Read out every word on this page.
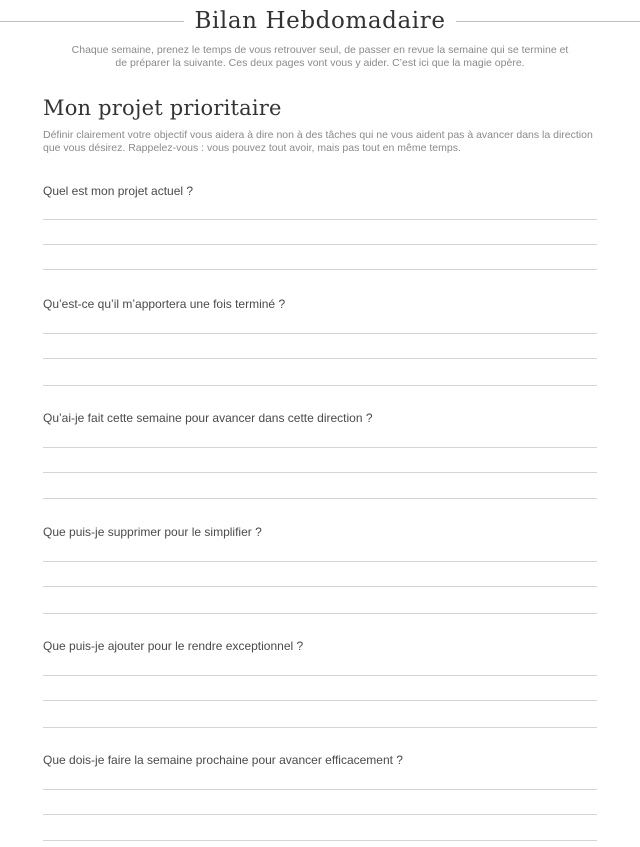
Bilan Hebdomadaire

Chaque semaine, prenez le temps de vous retrouver seul, de passer en revue la semaine qui se termine et
de préparer la suivante. Ces deux pages vont vous y aider. C’est ici que la magie opère.

Mon projet prioritaire

Définir clairement votre objectif vous aidera à dire non à des tâches qui ne vous aident pas à avancer dans la direction
que vous désirez. Rappelez-vous : vous pouvez tout avoir, mais pas tout en même temps.

Quel est mon projet actuel ?

Qu’est-ce qu’il m’apportera une fois terminé ?

Qu’ai-je fait cette semaine pour avancer dans cette direction ?

Que puis-je supprimer pour le simplifier ?

Que puis-je ajouter pour le rendre exceptionnel ?

Que dois-je faire la semaine prochaine pour avancer efficacement ?
